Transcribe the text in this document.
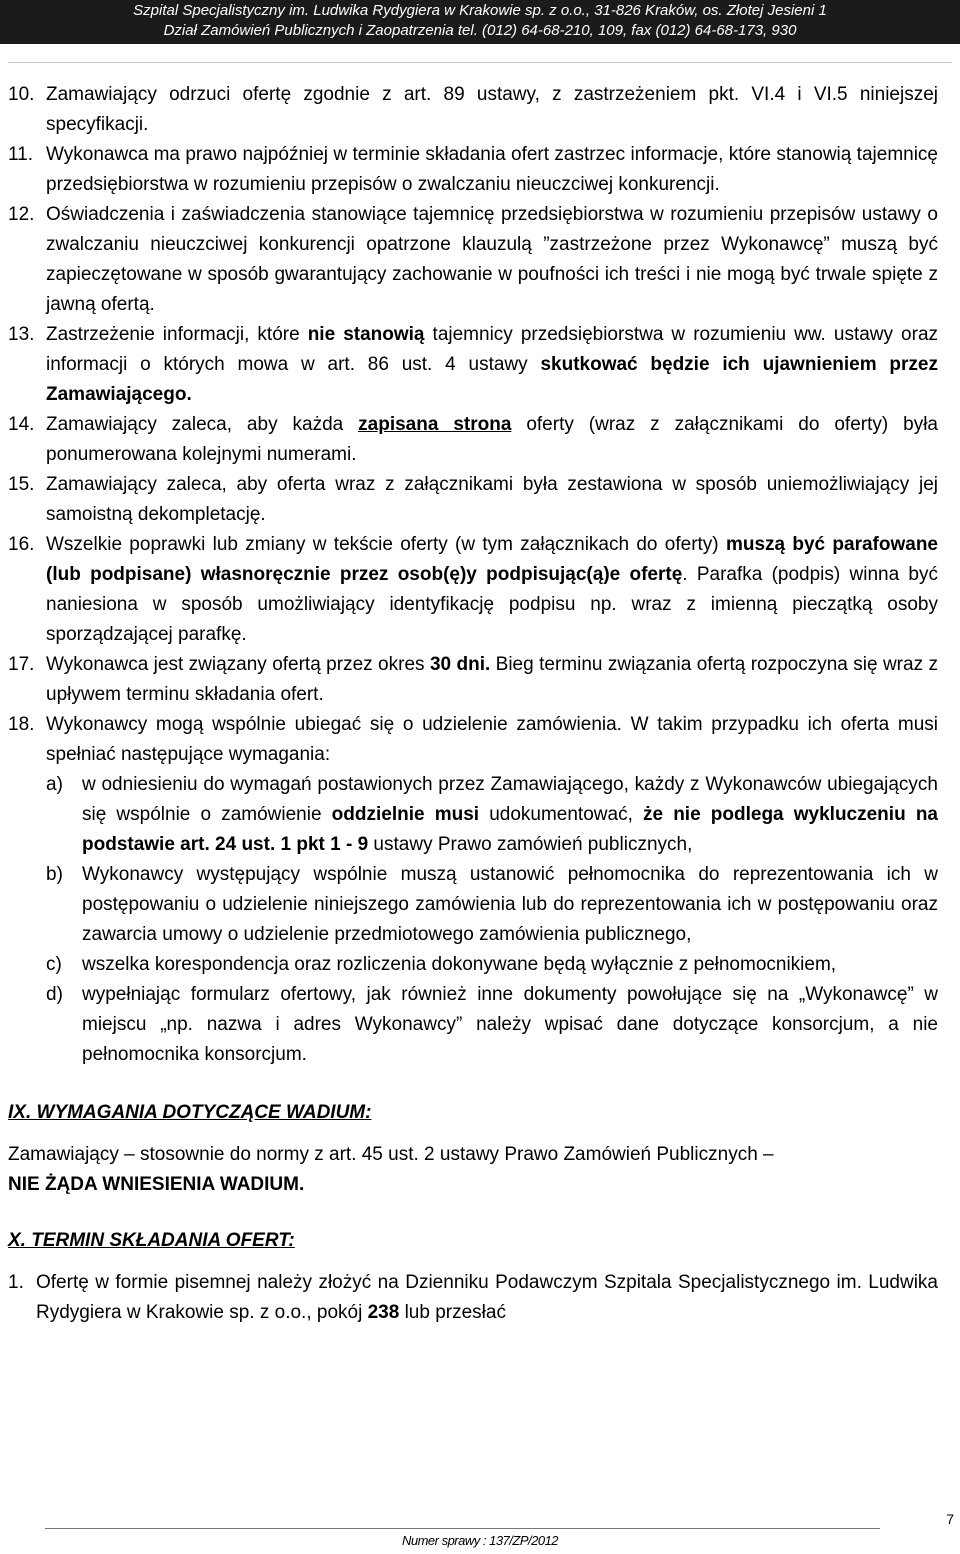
Szpital Specjalistyczny im. Ludwika Rydygiera w Krakowie sp. z o.o., 31-826 Kraków, os. Złotej Jesieni 1
Dział Zamówień Publicznych i Zaopatrzenia tel. (012) 64-68-210, 109, fax (012) 64-68-173, 930
10. Zamawiający odrzuci ofertę zgodnie z art. 89 ustawy, z zastrzeżeniem pkt. VI.4 i VI.5 niniejszej specyfikacji.
11. Wykonawca ma prawo najpóźniej w terminie składania ofert zastrzec informacje, które stanowią tajemnicę przedsiębiorstwa w rozumieniu przepisów o zwalczaniu nieuczciwej konkurencji.
12. Oświadczenia i zaświadczenia stanowiące tajemnicę przedsiębiorstwa w rozumieniu przepisów ustawy o zwalczaniu nieuczciwej konkurencji opatrzone klauzulą ”zastrzeżone przez Wykonawcę” muszą być zapieczętowane w sposób gwarantujący zachowanie w poufności ich treści i nie mogą być trwale spięte z jawną ofertą.
13. Zastrzeżenie informacji, które nie stanowią tajemnicy przedsiębiorstwa w rozumieniu ww. ustawy oraz informacji o których mowa w art. 86 ust. 4 ustawy skutkować będzie ich ujawnieniem przez Zamawiającego.
14. Zamawiający zaleca, aby każda zapisana strona oferty (wraz z załącznikami do oferty) była ponumerowana kolejnymi numerami.
15. Zamawiający zaleca, aby oferta wraz z załącznikami była zestawiona w sposób uniemożliwiający jej samoistną dekompletację.
16. Wszelkie poprawki lub zmiany w tekście oferty (w tym załącznikach do oferty) muszą być parafowane (lub podpisane) własnoręcznie przez osob(ę)y podpisując(ą)e ofertę. Parafka (podpis) winna być naniesiona w sposób umożliwiający identyfikację podpisu np. wraz z imienną pieczątką osoby sporządzającej parafkę.
17. Wykonawca jest związany ofertą przez okres 30 dni. Bieg terminu związania ofertą rozpoczyna się wraz z upływem terminu składania ofert.
18. Wykonawcy mogą wspólnie ubiegać się o udzielenie zamówienia. W takim przypadku ich oferta musi spełniać następujące wymagania:
a) w odniesieniu do wymagań postawionych przez Zamawiającego, każdy z Wykonawców ubiegających się wspólnie o zamówienie oddzielnie musi udokumentować, że nie podlega wykluczeniu na podstawie art. 24 ust. 1 pkt 1 - 9 ustawy Prawo zamówień publicznych,
b) Wykonawcy występujący wspólnie muszą ustanowić pełnomocnika do reprezentowania ich w postępowaniu o udzielenie niniejszego zamówienia lub do reprezentowania ich w postępowaniu oraz zawarcia umowy o udzielenie przedmiotowego zamówienia publicznego,
c) wszelka korespondencja oraz rozliczenia dokonywane będą wyłącznie z pełnomocnikiem,
d) wypełniając formularz ofertowy, jak również inne dokumenty powołujące się na „Wykonawcę” w miejscu „np. nazwa i adres Wykonawcy” należy wpisać dane dotyczące konsorcjum, a nie pełnomocnika konsorcjum.
IX. WYMAGANIA DOTYCZĄCE WADIUM:
Zamawiający – stosownie do normy z art. 45 ust. 2 ustawy Prawo Zamówień Publicznych –
NIE ŻĄDA WNIESIENIA WADIUM.
X. TERMIN SKŁADANIA OFERT:
1. Ofertę w formie pisemnej należy złożyć na Dzienniku Podawczym Szpitala Specjalistycznego im. Ludwika Rydygiera w Krakowie sp. z o.o., pokój 238 lub przesłać
7
Numer sprawy : 137/ZP/2012
